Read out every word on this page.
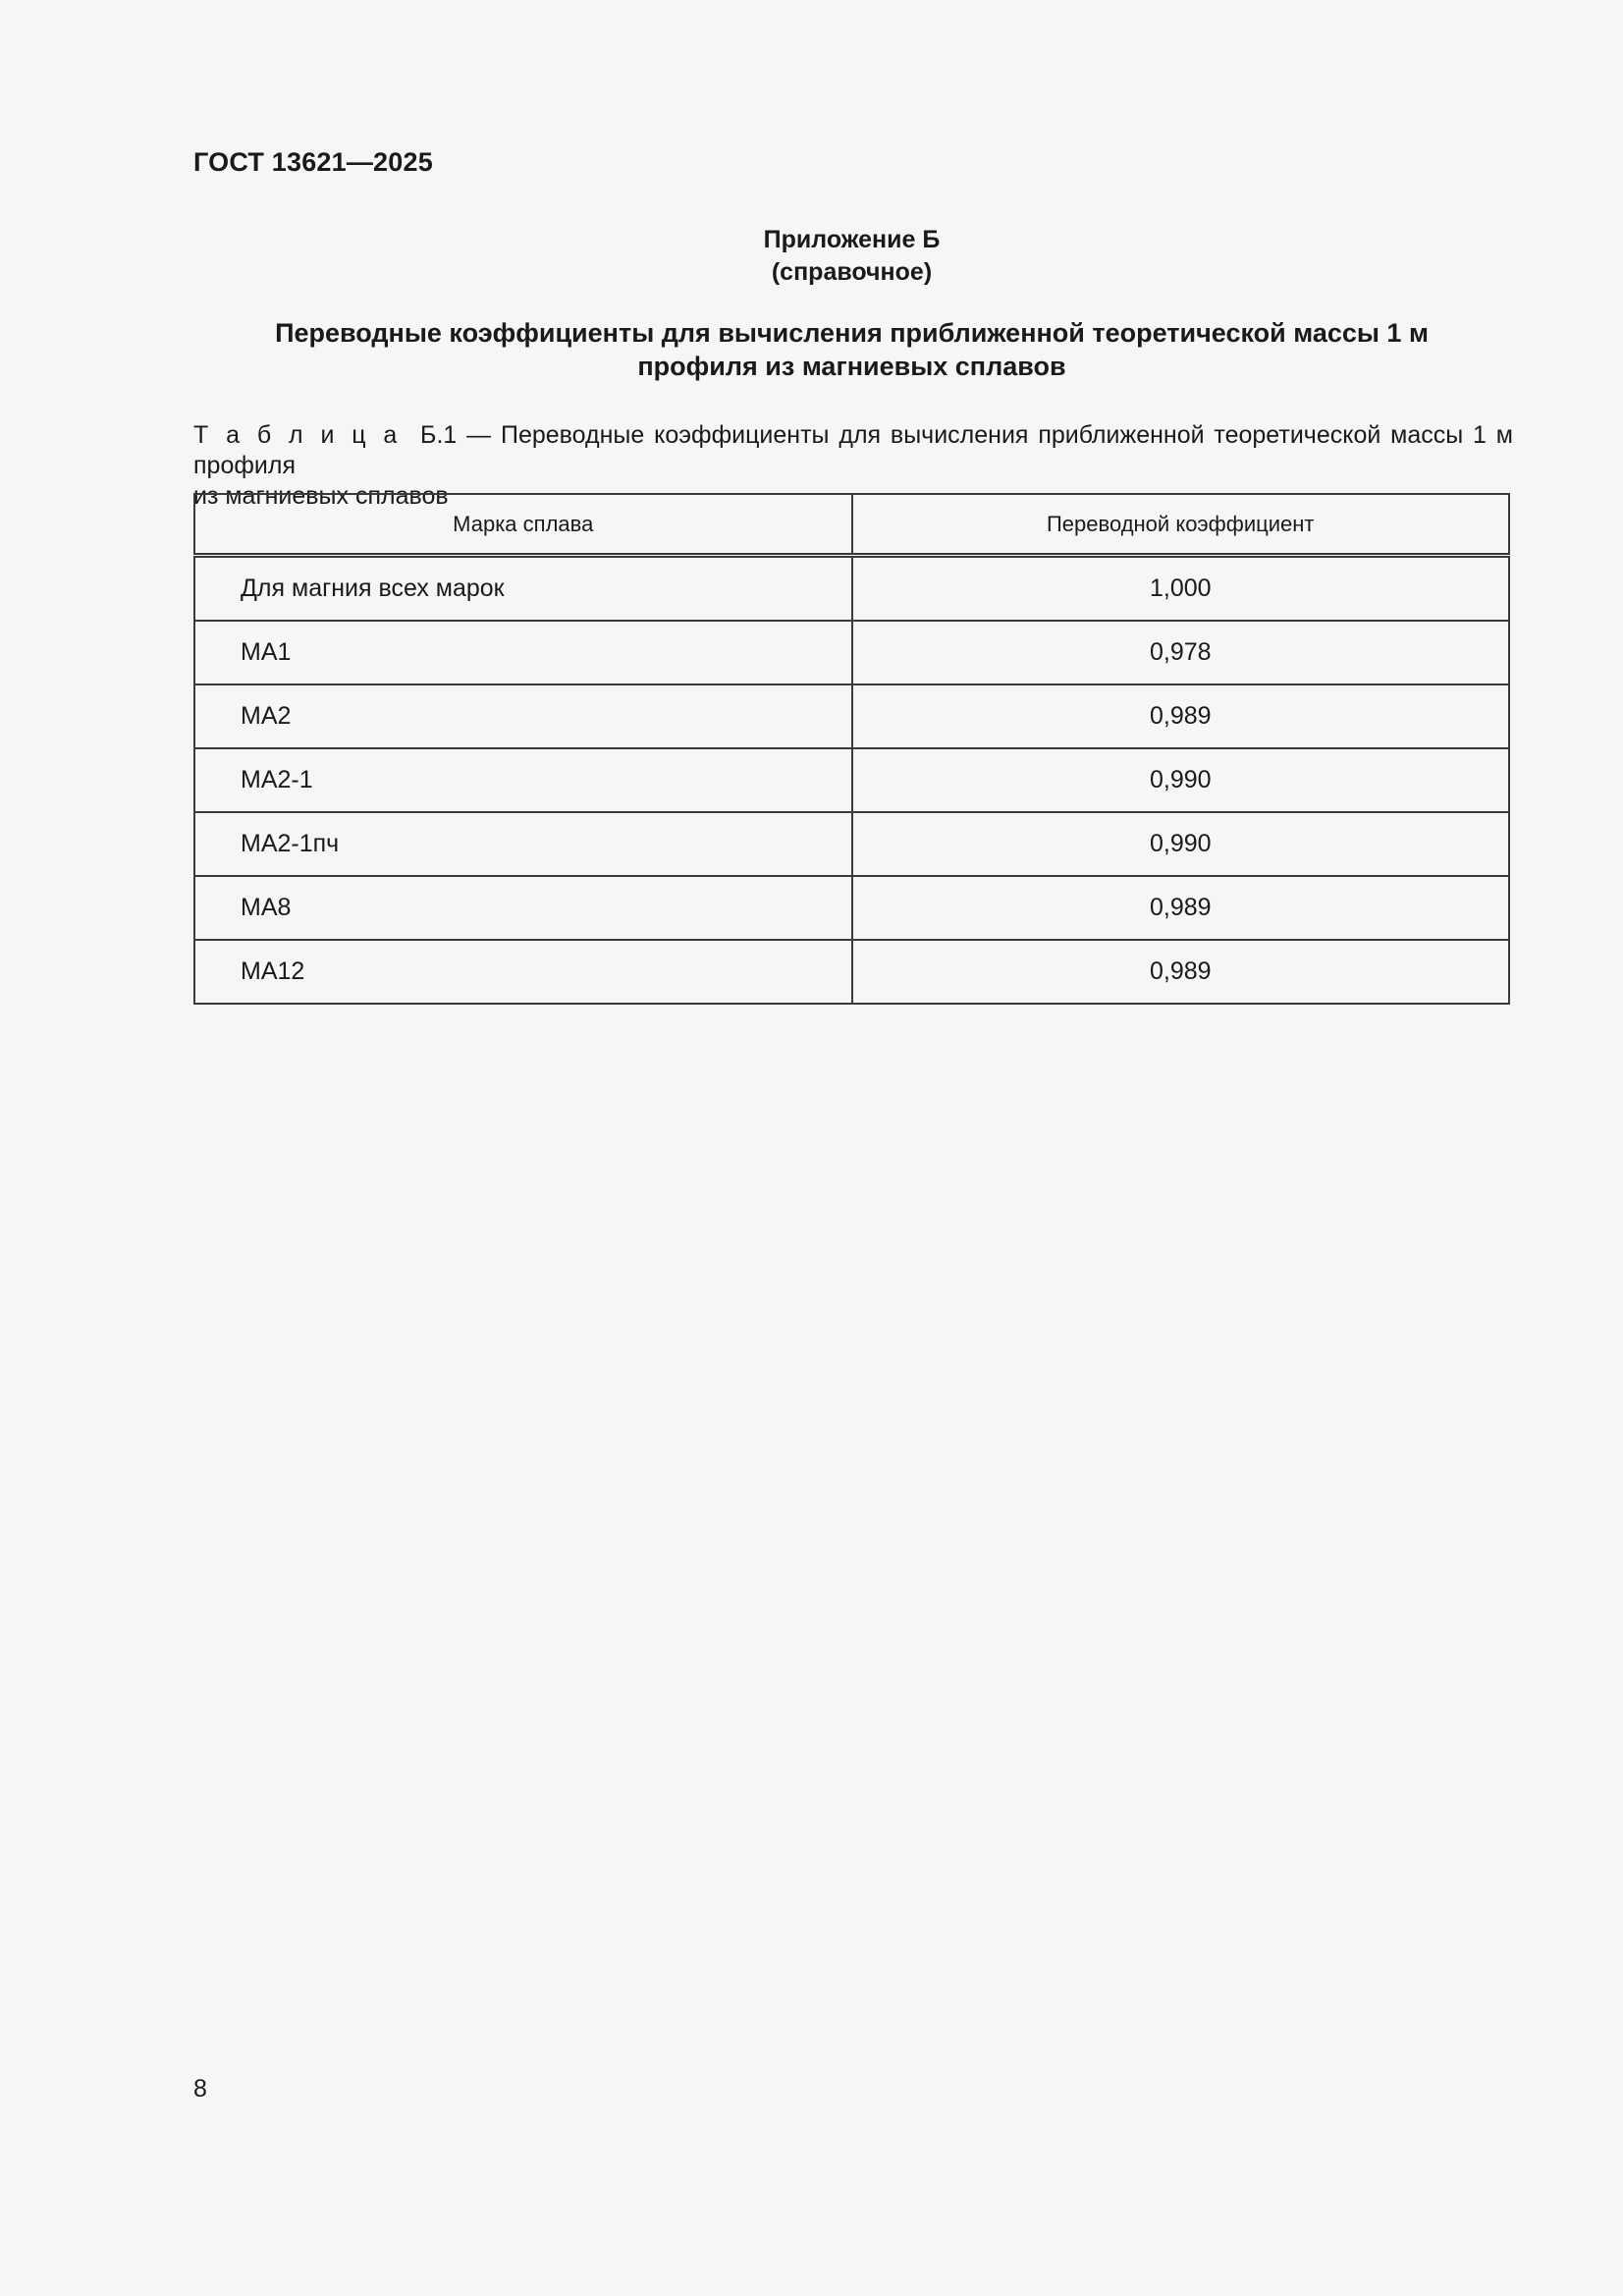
ГОСТ 13621—2025
Приложение Б
(справочное)
Переводные коэффициенты для вычисления приближенной теоретической массы 1 м
профиля из магниевых сплавов
Т а б л и ц а Б.1 — Переводные коэффициенты для вычисления приближенной теоретической массы 1 м профиля
из магниевых сплавов
Марка сплава	Переводной коэффициент
Для магния всех марок	1,000
МА1	0,978
МА2	0,989
МА2-1	0,990
МА2-1пч	0,990
МА8	0,989
МА12	0,989
8
